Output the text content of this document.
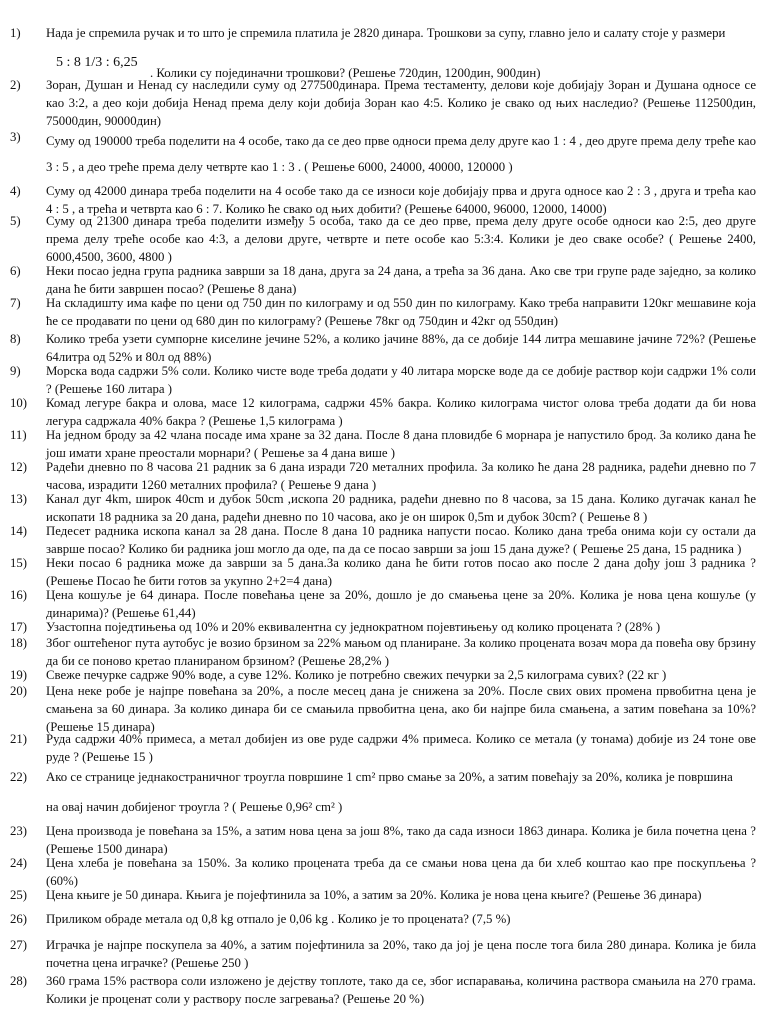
1) Нада је спремила ручак и то што је спремила платила је 2820 динара. Трошкови за супу, главно јело и салату стоје у размери
5 : 8 1/3 : 6,25
. Колики су појединачни трошкови? (Решење 720дин, 1200дин, 900дин)
2) Зоран, Душан и Ненад су наследили суму од 277500динара. Према тестаменту, делови које добијају Зоран и Душана односе се као 3:2, а део који добија Ненад према делу који добија Зоран као 4:5. Колико је свако од њих наследио? (Решење 112500дин, 75000дин, 90000дин)
3) Суму од 190000 треба поделити на 4 особе, тако да се део прве односи према делу друге као 1 : 4 , део друге према делу треће као 3 : 5 , а део треће према делу четврте као 1 : 3 . ( Решење 6000, 24000, 40000, 120000 )
4) Суму од 42000 динара треба поделити на 4 особе тако да се износи које добијају прва и друга односе као 2 : 3 , друга и трећа као 4 : 5 , а трећа и четврта као 6 : 7. Колико ће свако од њих добити? (Решење 64000, 96000, 12000, 14000)
5) Суму од 21300 динара треба поделити између 5 особа, тако да се део прве, према делу друге особе односи као 2:5, део друге према делу треће особе као 4:3, а делови друге, четврте и пете особе као 5:3:4. Колики је део сваке особе? ( Решење 2400, 6000,4500, 3600, 4800 )
6) Неки посао једна група радника заврши за 18 дана, друга за 24 дана, а трећа за 36 дана. Ако све три групе раде заједно, за колико дана ће бити завршен посао? (Решење 8 дана)
7) На складишту има кафе по цени од 750 дин по килограму и од 550 дин по килограму. Како треба направити 120кг мешавине која ће се продавати по цени од 680 дин по килограму? (Решење 78кг од 750дин и 42кг од 550дин)
8) Колико треба узети сумпорне киселине јечине 52%, а колико јачине 88%, да се добије 144 литра мешавине јачине 72%? (Решење 64литра од 52% и 80л од 88%)
9) Морска вода садржи 5% соли. Колико чисте воде треба додати у 40 литара морске воде да се добије раствор који садржи 1% соли ? (Решење 160 литара )
10) Комад легуре бакра и олова, масе 12 килограма, садржи 45% бакра. Колико килограма чистог олова треба додати да би нова легура садржала 40% бакра ? (Решење 1,5 килограма )
11) На једном броду за 42 члана посаде има хране за 32 дана. После 8 дана пловидбе 6 морнара је напустило брод. За колико дана ће још имати хране преостали морнари? ( Решење за 4 дана више )
12) Радећи дневно по 8 часова 21 радник за 6 дана изради 720 металних профила. За колико ће дана 28 радника, радећи дневно по 7 часова, израдити 1260 металних профила? ( Решење 9 дана )
13) Канал дуг 4km, широк 40cm и дубок 50cm ,ископа 20 радника, радећи дневно по 8 часова, за 15 дана. Колико дугачак канал ће ископати 18 радника за 20 дана, радећи дневно по 10 часова, ако је он широк 0,5m и дубок 30cm? ( Решење 8 )
14) Педесет радника ископа канал за 28 дана. После 8 дана 10 радника напусти посао. Колико дана треба онима који су остали да заврше посао? Колико би радника још могло да оде, па да се посао заврши за још 15 дана дуже? ( Решење 25 дана, 15 радника )
15) Неки посао 6 радника може да заврши за 5 дана.За колико дана ће бити готов посао ако после 2 дана дођу још 3 радника ? (Решење Посао ће бити готов за укупно 2+2=4 дана)
16) Цена кошуље је 64 динара. После повећања цене за 20%, дошло је до смањења цене за 20%. Колика је нова цена кошуље (у динарима)? (Решење 61,44)
17) Узастопна поједтињења од 10% и 20% еквивалентна су једнократном појевтињењу од колико процената ? (28% )
18) Због оштећеног пута аутобус је возио брзином за 22% мањом од планиране. За колико процената возач мора да повећа ову брзину да би се поново кретао планираном брзином? (Решење 28,2% )
19) Свеже печурке садрже 90% воде, а суве 12%. Колико је потребно свежих печурки за 2,5 килограма сувих? (22 кг )
20) Цена неке робе је најпре повећана за 20%, а после месец дана је снижена за 20%. После свих ових промена првобитна цена је смањена за 60 динара. За колико динара би се смањила првобитна цена, ако би најпре била смањена, а затим повећана за 10%? (Решење 15 динара)
21) Руда садржи 40% примеса, а метал добијен из ове руде садржи 4% примеса. Колико се метала (у тонама) добије из 24 тоне ове руде ? (Решење 15 )
22) Ако се странице једнакостраничног троугла површине 1 cm² прво смање за 20%, а затим повећају за 20%, колика је површина
на овај начин добијеног троугла ? ( Решење 0,96² cm² )
23) Цена производа је повећана за 15%, а затим нова цена за још 8%, тако да сада износи 1863 динара. Колика је била почетна цена ? (Решење 1500 динара)
24) Цена хлеба је повећана за 150%. За колико процената треба да се смањи нова цена да би хлеб коштао као пре поскупљења ? (60%)
25) Цена књиге је 50 динара. Књига је појефтинила за 10%, а затим за 20%. Колика је нова цена књиге? (Решење 36 динара)
26) Приликом обраде метала од 0,8 kg отпало је 0,06 kg . Колико је то процената? (7,5 %)
27) Играчка је најпре поскупела за 40%, а затим појефтинила за 20%, тако да јој је цена после тога била 280 динара. Колика је била почетна цена играчке? (Решење 250 )
28) 360 грама 15% раствора соли изложено је дејству топлоте, тако да се, због испаравања, количина раствора смањила на 270 грама. Колики је проценат соли у раствору после загревања? (Решење 20 %)
